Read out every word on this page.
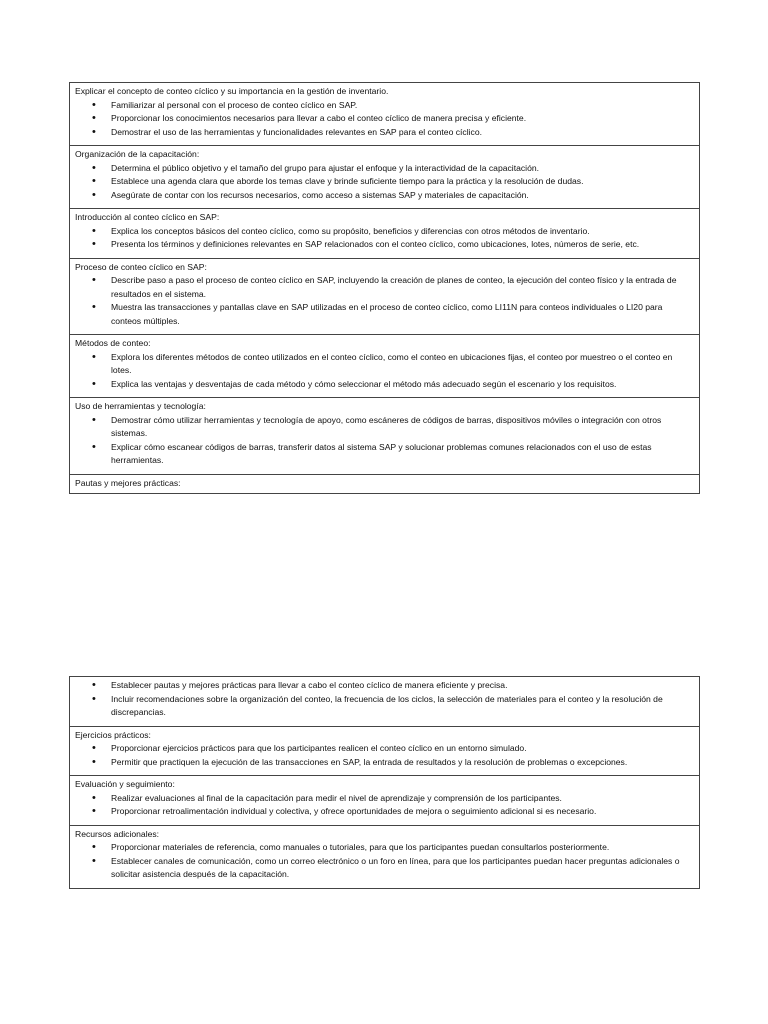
Explicar el concepto de conteo cíclico y su importancia en la gestión de inventario.
• Familiarizar al personal con el proceso de conteo cíclico en SAP.
• Proporcionar los conocimientos necesarios para llevar a cabo el conteo cíclico de manera precisa y eficiente.
• Demostrar el uso de las herramientas y funcionalidades relevantes en SAP para el conteo cíclico.
Organización de la capacitación:
• Determina el público objetivo y el tamaño del grupo para ajustar el enfoque y la interactividad de la capacitación.
• Establece una agenda clara que aborde los temas clave y brinde suficiente tiempo para la práctica y la resolución de dudas.
• Asegúrate de contar con los recursos necesarios, como acceso a sistemas SAP y materiales de capacitación.
Introducción al conteo cíclico en SAP:
• Explica los conceptos básicos del conteo cíclico, como su propósito, beneficios y diferencias con otros métodos de inventario.
• Presenta los términos y definiciones relevantes en SAP relacionados con el conteo cíclico, como ubicaciones, lotes, números de serie, etc.
Proceso de conteo cíclico en SAP:
• Describe paso a paso el proceso de conteo cíclico en SAP, incluyendo la creación de planes de conteo, la ejecución del conteo físico y la entrada de resultados en el sistema.
• Muestra las transacciones y pantallas clave en SAP utilizadas en el proceso de conteo cíclico, como LI11N para conteos individuales o LI20 para conteos múltiples.
Métodos de conteo:
• Explora los diferentes métodos de conteo utilizados en el conteo cíclico, como el conteo en ubicaciones fijas, el conteo por muestreo o el conteo en lotes.
• Explica las ventajas y desventajas de cada método y cómo seleccionar el método más adecuado según el escenario y los requisitos.
Uso de herramientas y tecnología:
• Demostrar cómo utilizar herramientas y tecnología de apoyo, como escáneres de códigos de barras, dispositivos móviles o integración con otros sistemas.
• Explicar cómo escanear códigos de barras, transferir datos al sistema SAP y solucionar problemas comunes relacionados con el uso de estas herramientas.
Pautas y mejores prácticas:
• Establecer pautas y mejores prácticas para llevar a cabo el conteo cíclico de manera eficiente y precisa.
• Incluir recomendaciones sobre la organización del conteo, la frecuencia de los ciclos, la selección de materiales para el conteo y la resolución de discrepancias.
Ejercicios prácticos:
• Proporcionar ejercicios prácticos para que los participantes realicen el conteo cíclico en un entorno simulado.
• Permitir que practiquen la ejecución de las transacciones en SAP, la entrada de resultados y la resolución de problemas o excepciones.
Evaluación y seguimiento:
• Realizar evaluaciones al final de la capacitación para medir el nivel de aprendizaje y comprensión de los participantes.
• Proporcionar retroalimentación individual y colectiva, y ofrece oportunidades de mejora o seguimiento adicional si es necesario.
Recursos adicionales:
• Proporcionar materiales de referencia, como manuales o tutoriales, para que los participantes puedan consultarlos posteriormente.
• Establecer canales de comunicación, como un correo electrónico o un foro en línea, para que los participantes puedan hacer preguntas adicionales o solicitar asistencia después de la capacitación.
